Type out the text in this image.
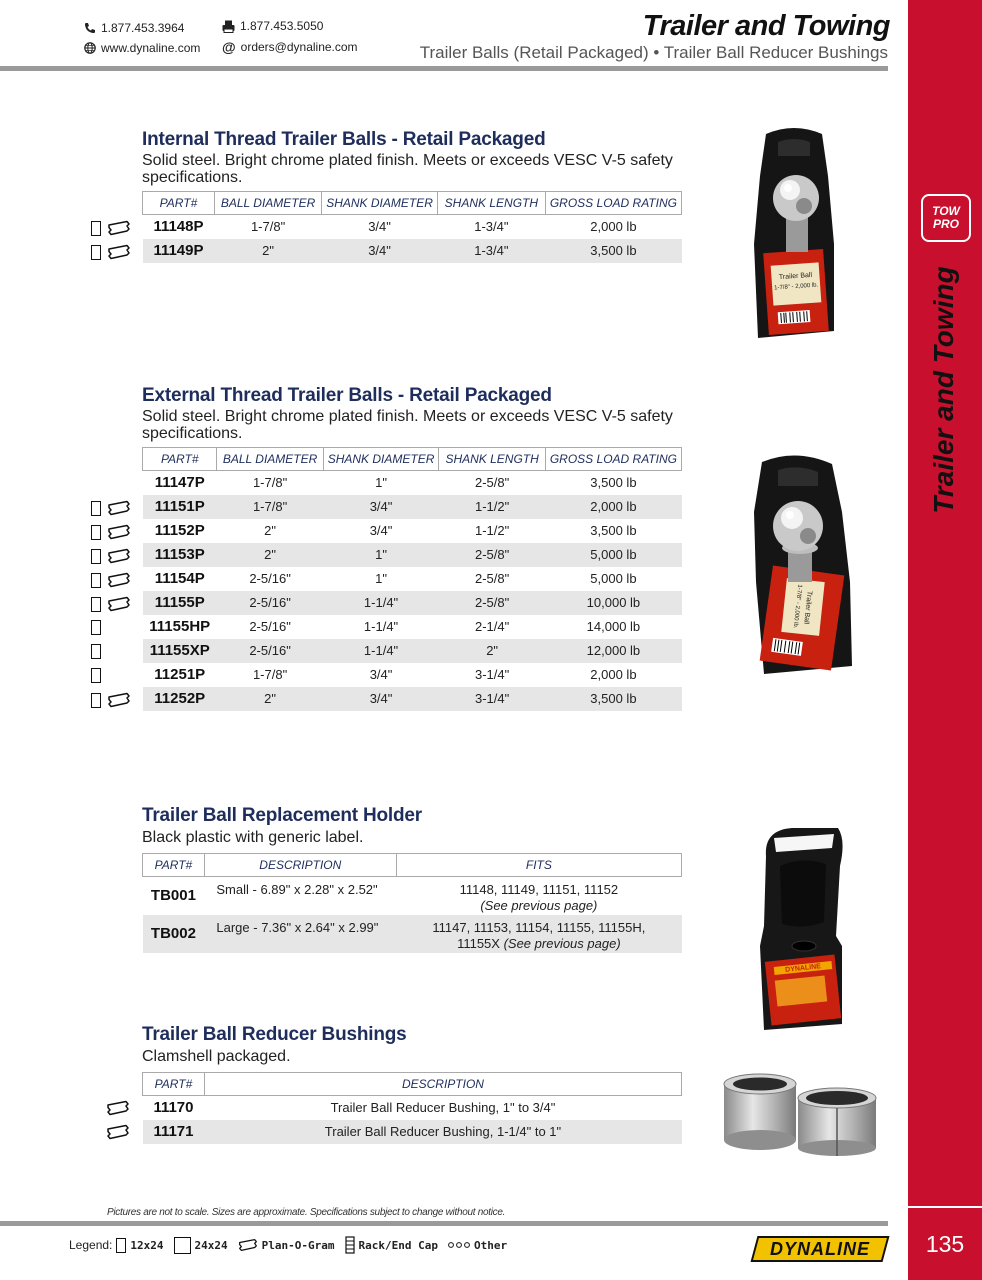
1.877.453.3964	1.877.453.5050
www.dynaline.com @ orders@dynaline.com
Trailer and Towing
Trailer Balls (Retail Packaged) • Trailer Ball Reducer Bushings
TOW PRO
Trailer and Towing
135
Internal Thread Trailer Balls - Retail Packaged
Solid steel. Bright chrome plated finish. Meets or exceeds VESC V-5 safety specifications.
PART#	BALL DIAMETER	SHANK DIAMETER	SHANK LENGTH	GROSS LOAD RATING
11148P	1-7/8"	3/4"	1-3/4"	2,000 lb
11149P	2"	3/4"	1-3/4"	3,500 lb
Trailer Ball
1-7/8" - 2,000 lb.
External Thread Trailer Balls - Retail Packaged
Solid steel. Bright chrome plated finish. Meets or exceeds VESC V-5 safety specifications.
PART#	BALL DIAMETER	SHANK DIAMETER	SHANK LENGTH	GROSS LOAD RATING
11147P	1-7/8"	1"	2-5/8"	3,500 lb
11151P	1-7/8"	3/4"	1-1/2"	2,000 lb
11152P	2"	3/4"	1-1/2"	3,500 lb
11153P	2"	1"	2-5/8"	5,000 lb
11154P	2-5/16"	1"	2-5/8"	5,000 lb
11155P	2-5/16"	1-1/4"	2-5/8"	10,000 lb
11155HP	2-5/16"	1-1/4"	2-1/4"	14,000 lb
11155XP	2-5/16"	1-1/4"	2"	12,000 lb
11251P	1-7/8"	3/4"	3-1/4"	2,000 lb
11252P	2"	3/4"	3-1/4"	3,500 lb
Trailer Ball
1-7/8" - 2,000 lb.
Trailer Ball Replacement Holder
Black plastic with generic label.
PART#	DESCRIPTION	FITS
TB001	Small - 6.89" x 2.28" x 2.52"	11148, 11149, 11151, 11152
(See previous page)
TB002	Large - 7.36" x 2.64" x 2.99"	11147, 11153, 11154, 11155, 11155H,
11155X (See previous page)
DYNALINE
Trailer Ball Reducer Bushings
Clamshell packaged.
PART#	DESCRIPTION
11170	Trailer Ball Reducer Bushing, 1" to 3/4"
11171	Trailer Ball Reducer Bushing, 1-1/4" to 1"
Pictures are not to scale. Sizes are approximate. Specifications subject to change without notice.
Legend: 12x24	24x24	Plan-O-Gram Rack/End Cap	Other	DYNALINE
